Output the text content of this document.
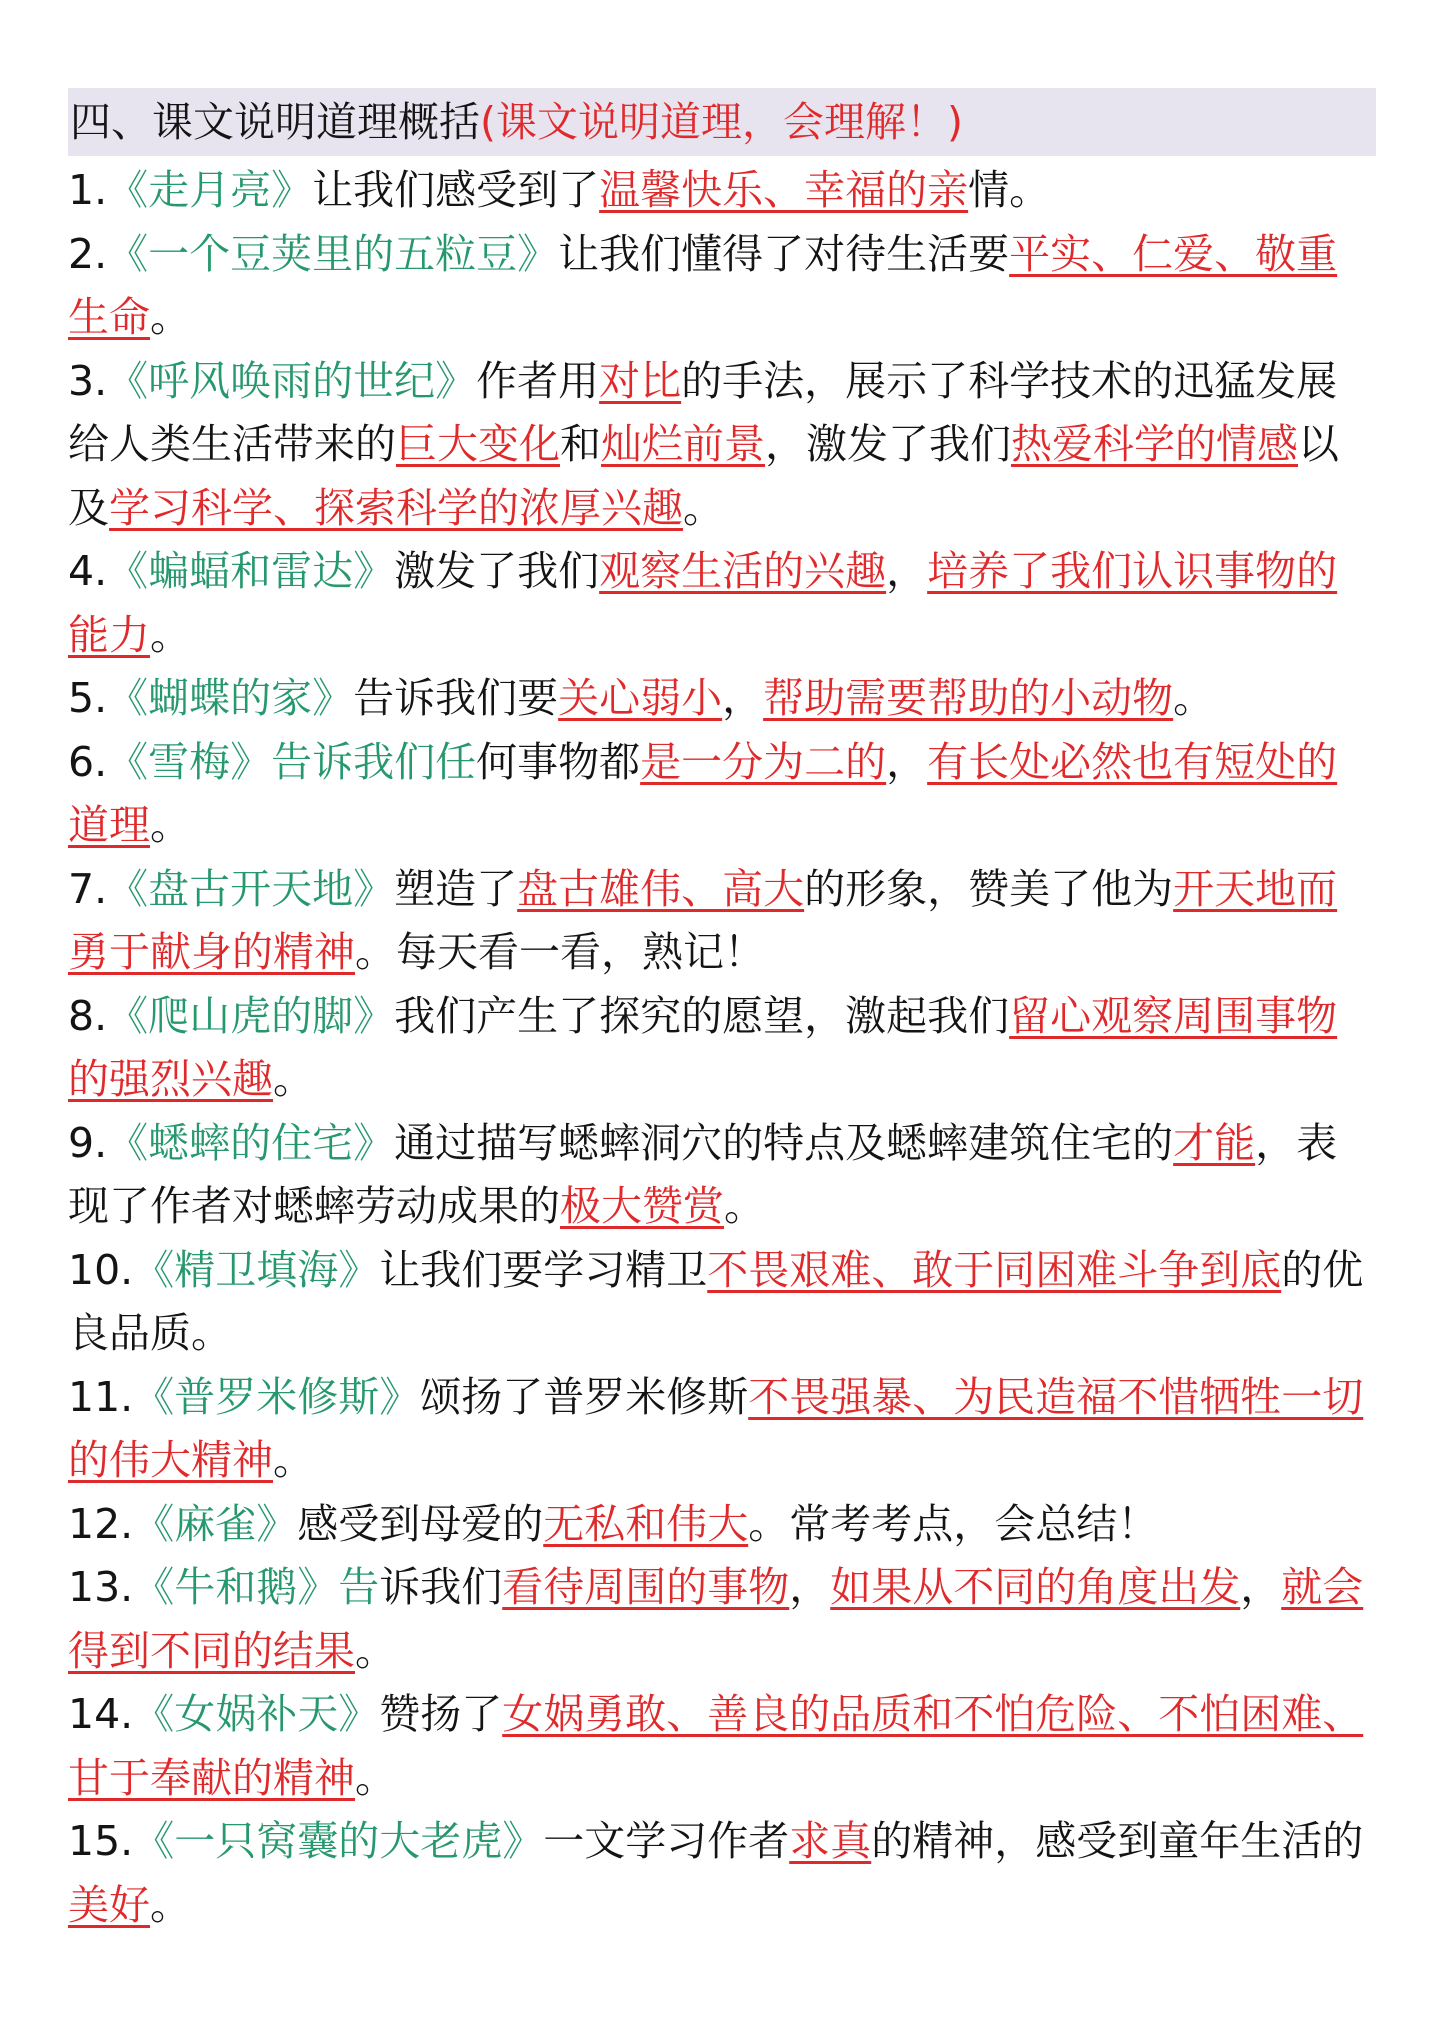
四、课文说明道理概括(课文说明道理，会理解！)

1.《走月亮》让我们感受到了温馨快乐、幸福的亲情。

2.《一个豆荚里的五粒豆》让我们懂得了对待生活要平实、仁爱、敬重生命。

3.《呼风唤雨的世纪》作者用对比的手法，展示了科学技术的迅猛发展给人类生活带来的巨大变化和灿烂前景，激发了我们热爱科学的情感以及学习科学、探索科学的浓厚兴趣。

4.《蝙蝠和雷达》激发了我们观察生活的兴趣，培养了我们认识事物的能力。

5.《蝴蝶的家》告诉我们要关心弱小，帮助需要帮助的小动物。

6.《雪梅》告诉我们任何事物都是一分为二的，有长处必然也有短处的道理。

7.《盘古开天地》塑造了盘古雄伟、高大的形象，赞美了他为开天地而勇于献身的精神。每天看一看，熟记！

8.《爬山虎的脚》我们产生了探究的愿望，激起我们留心观察周围事物的强烈兴趣。

9.《蟋蟀的住宅》通过描写蟋蟀洞穴的特点及蟋蟀建筑住宅的才能，表现了作者对蟋蟀劳动成果的极大赞赏。

10.《精卫填海》让我们要学习精卫不畏艰难、敢于同困难斗争到底的优良品质。

11.《普罗米修斯》颂扬了普罗米修斯不畏强暴、为民造福不惜牺牲一切的伟大精神。

12.《麻雀》感受到母爱的无私和伟大。常考考点，会总结！

13.《牛和鹅》告诉我们看待周围的事物，如果从不同的角度出发，就会得到不同的结果。

14.《女娲补天》赞扬了女娲勇敢、善良的品质和不怕危险、不怕困难、甘于奉献的精神。

15.《一只窝囊的大老虎》一文学习作者求真的精神，感受到童年生活的美好。
